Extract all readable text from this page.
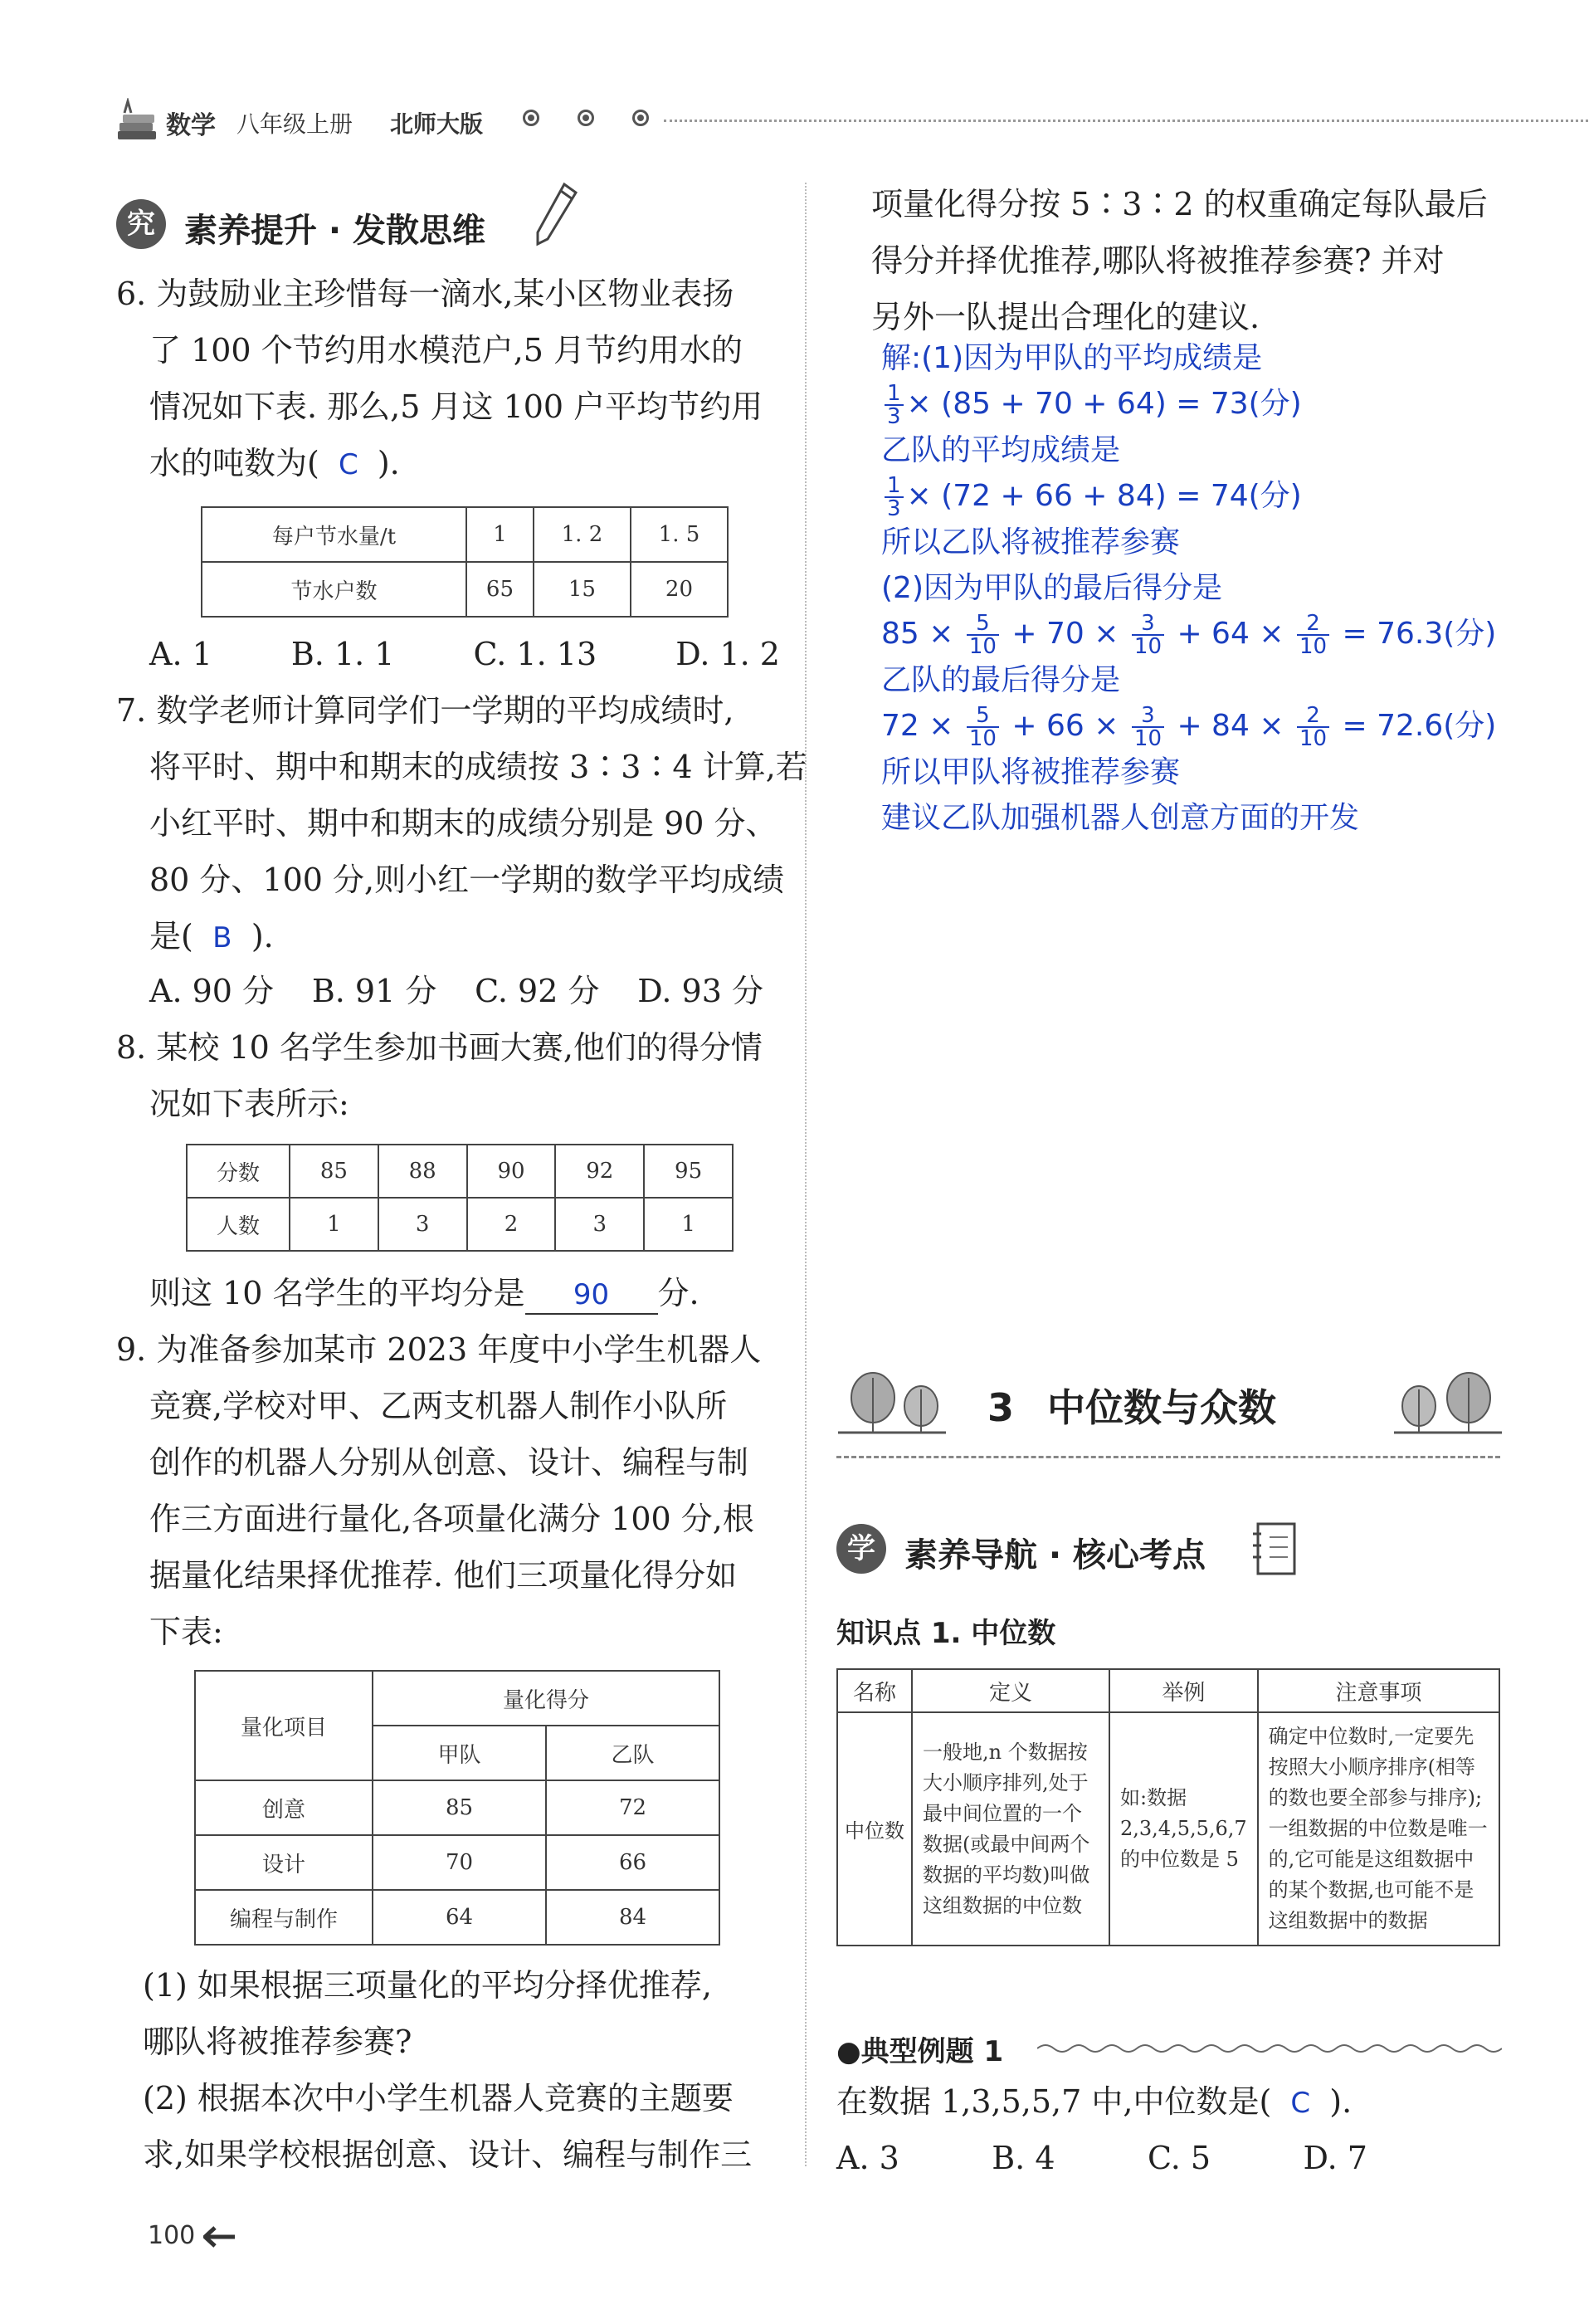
数学 八年级上册 北师大版
究 素养提升 · 发散思维
6. 为鼓励业主珍惜每一滴水,某小区物业表扬
了 100 个节约用水模范户,5 月节约用水的
情况如下表. 那么,5 月这 100 户平均节约用
水的吨数为( C ).
每户节水量/t	1	1. 2	1. 5
节水户数	65	15	20
A. 1	B. 1. 1	C. 1. 13	D. 1. 2
7. 数学老师计算同学们一学期的平均成绩时,
将平时、期中和期末的成绩按 3∶3∶4 计算,若
小红平时、期中和期末的成绩分别是 90 分、
80 分、100 分,则小红一学期的数学平均成绩
是( B ).
A. 90 分 B. 91 分 C. 92 分 D. 93 分
8. 某校 10 名学生参加书画大赛,他们的得分情
况如下表所示:
分数	85	88	90	92	95
人数	1	3	2	3	1
则这 10 名学生的平均分是 90 分.
9. 为准备参加某市 2023 年度中小学生机器人
竞赛,学校对甲、乙两支机器人制作小队所
创作的机器人分别从创意、设计、编程与制
作三方面进行量化,各项量化满分 100 分,根
据量化结果择优推荐. 他们三项量化得分如
下表:
量化项目	量化得分	
	甲队	乙队
创意	85	72
设计	70	66
编程与制作	64	84
(1) 如果根据三项量化的平均分择优推荐,
哪队将被推荐参赛?
(2) 根据本次中小学生机器人竞赛的主题要
求,如果学校根据创意、设计、编程与制作三
100
项量化得分按 5∶3∶2 的权重确定每队最后
得分并择优推荐,哪队将被推荐参赛? 并对
另外一队提出合理化的建议.
解:(1)因为甲队的平均成绩是
$\frac{1}{3} \times (85 + 70 + 64) = 73$(分)
乙队的平均成绩是
$\frac{1}{3} \times (72 + 66 + 84) = 74$(分)
所以乙队将被推荐参赛
(2)因为甲队的最后得分是
$85 \times \frac{5}{10} + 70 \times \frac{3}{10} + 64 \times \frac{2}{10} = 76.3$(分)
乙队的最后得分是
$72 \times \frac{5}{10} + 66 \times \frac{3}{10} + 84 \times \frac{2}{10} = 72.6$(分)
所以甲队将被推荐参赛
建议乙队加强机器人创意方面的开发
3 中位数与众数
学 素养导航 · 核心考点
知识点 1. 中位数
名称	定义	举例	注意事项
中位数	一般地,n 个数据按大小顺序排列,处于最中间位置的一个数据(或最中间两个数据的平均数)叫做这组数据的中位数	如:数据 2,3,4,5,5,6,7 的中位数是 5	确定中位数时,一定要先按照大小顺序排序(相等的数也要全部参与排序);一组数据的中位数是唯一的,它可能是这组数据中的某个数据,也可能不是这组数据中的数据
●典型例题 1
在数据 1,3,5,5,7 中,中位数是( C ).
A. 3	B. 4	C. 5	D. 7
